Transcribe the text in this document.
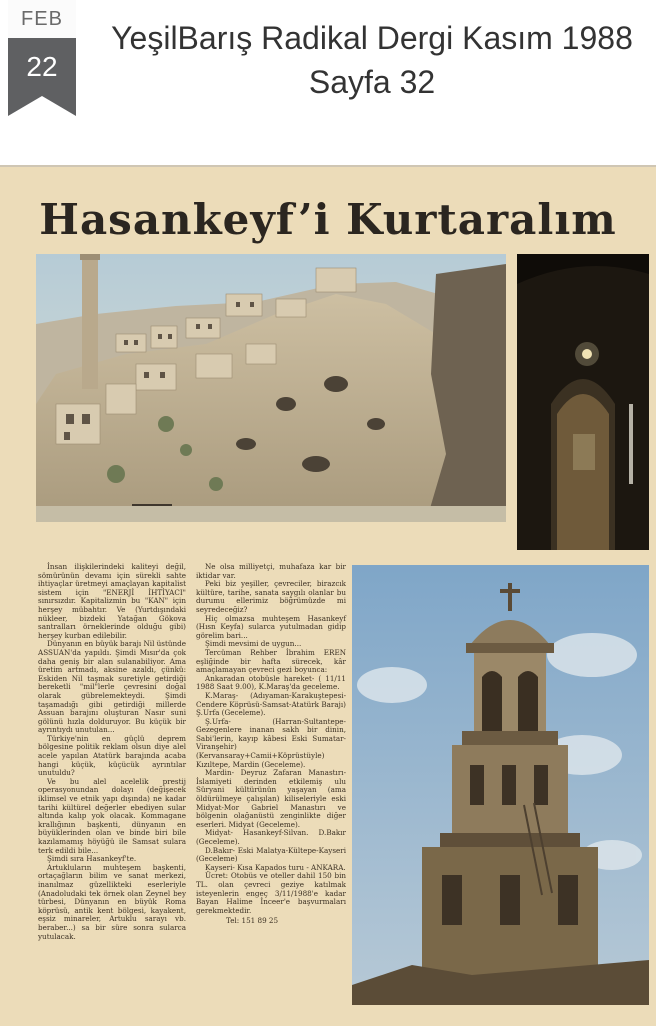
FEB
22
YeşilBarış Radikal Dergi Kasım 1988 Sayfa 32
Hasankeyf’i Kurtaralım

İnsan ilişkilerindeki kaliteyi değil, sömürünün devamı için sürekli sahte ihtiyaçlar üretmeyi amaçlayan kapitalist sistem için "ENERJİ İHTİYACI" sınırsızdır. Kapitalizmin bu "KAN" için herşey mübahtır. Ve (Yurtdışındaki nükleer, bizdeki Yatağan Gökova santralları örneklerinde olduğu gibi) herşey kurban edilebilir.

Dünyanın en büyük barajı Nil üstünde ASSUAN'da yapıldı. Şimdi Mısır'da çok daha geniş bir alan sulanabiliyor. Ama üretim artmadı, aksine azaldı, çünkü: Eskiden Nil taşmak suretiyle getirdiği bereketli "mil"lerle çevresini doğal olarak gübrelemekteydi. Şimdi taşamadığı gibi getirdiği millerde Assuan barajını oluşturan Nasır suni gölünü hızla dolduruyor. Bu küçük bir ayrıntıydı unutulan...

Türkiye'nin en güçlü deprem bölgesine politik reklam olsun diye alel acele yapılan Atatürk barajında acaba hangi küçük, küçücük ayrıntılar unutuldu?

Ve bu alel acelelik prestij operasyonundan dolayı (değişecek iklimsel ve etnik yapı dışında) ne kadar tarihi kültürel değerler ebediyen sular altında kalıp yok olacak. Kommagane krallığının başkenti, dünyanın en büyüklerinden olan ve binde biri bile kazılamamış höyüğü ile Samsat sulara terk edildi bile...

Şimdi sıra Hasankeyf'te.

Artukluların muhteşem başkenti, ortaçağların bilim ve sanat merkezi, inanılmaz güzellikteki eserleriyle (Anadoludaki tek örnek olan Zeynel bey türbesi, Dünyanın en büyük Roma köprüsü, antik kent bölgesi, kayakent, eşsiz minareler, Artuklu sarayı vb. beraber...) sa bir süre sonra sularca yutulacak.

Ne olsa milliyetçi, muhafaza kar bir iktidar var.

Peki biz yeşiller, çevreciler, birazcık kültüre, tarihe, sanata saygılı olanlar bu durumu ellerimiz böğrümüzde mi seyredeceğiz?

Hiç olmazsa muhteşem Hasankeyf (Hısn Keyfa) sularca yutulmadan gidip görelim bari...

Şimdi mevsimi de uygun...

Tercüman Rehber İbrahim EREN eşliğinde bir hafta sürecek, kâr amaçlamayan çevreci gezi boyunca:

Ankaradan otobüsle hareket- ( 11/11 1988 Saat 9.00), K.Maraş'da geceleme.

K.Maraş- (Adıyaman-Karakuştepesi-Cendere Köprüsü-Samsat-Atatürk Barajı) Ş.Urfa (Geceleme).

Ş.Urfa- (Harran-Sultantepe-Gezegenlere inanan sakh bir dinin, Sabi'lerin, kayıp kâbesi Eski Sumatar-Viranşehir) (Kervansaray+Camii+Köprüstüyle) Kızıltepe, Mardin (Geceleme).

Mardin- Deyruz Zafaran Manastırı-İslamiyeti derinden etkilemiş ulu Süryani kültürünün yaşayan (ama öldürülmeye çalışılan) kiliseleriyle eski Midyat-Mor Gabriel Manastırı ve bölgenin olağanüstü zenginlikte diğer eserleri. Midyat (Geceleme).

Midyat- Hasankeyf-Silvan. D.Bakır (Geceleme).

D.Bakır- Eski Malatya-Kültepe-Kayseri (Geceleme)

Kayseri- Kısa Kapados turu - ANKARA.

Ücret: Otobüs ve oteller dahil 150 bin TL. olan çevreci geziye katılmak isteyenlerin engeç 3/11/1988'e kadar Bayan Halime İnceer'e başvurmaları gerekmektedir.

Tel: 151 89 25
